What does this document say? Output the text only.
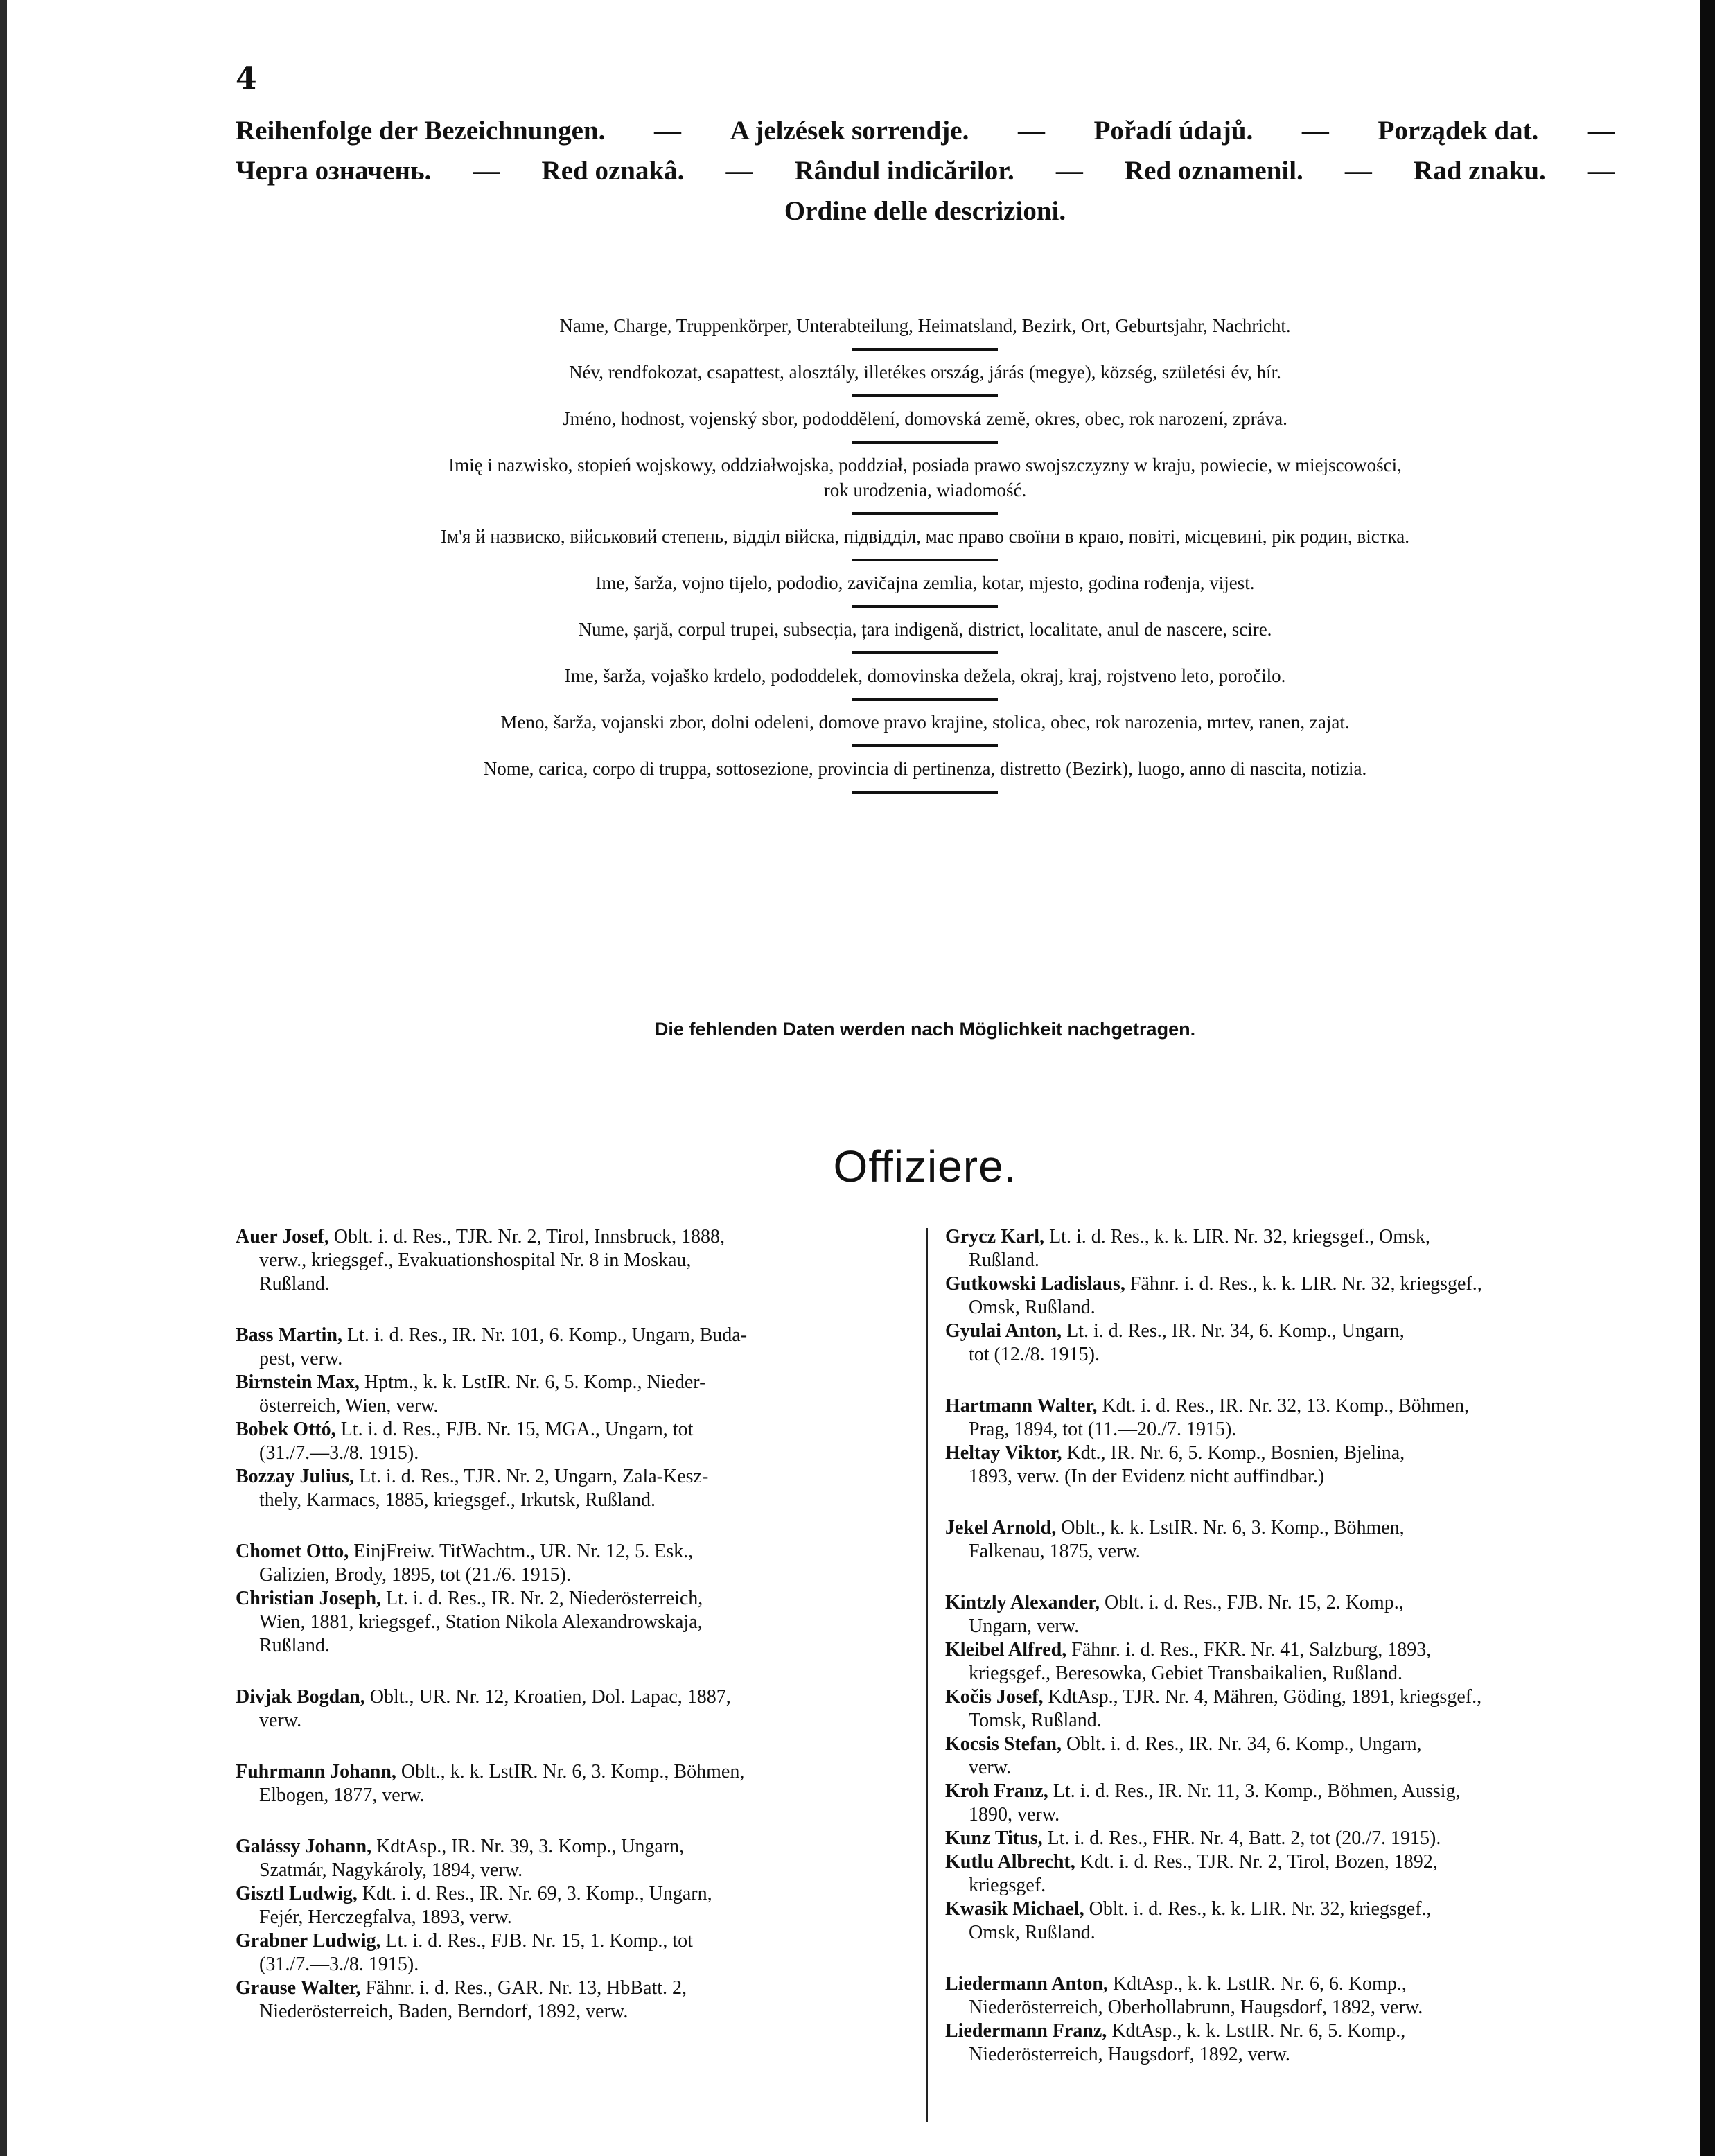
4
Reihenfolge der Bezeichnungen. — A jelzések sorrendje. — Pořadí údajů. — Porządek dat. —
Черга означень. — Red oznakâ. — Rândul indicărilor. — Red oznamenil. — Rad znaku. —
Ordine delle descrizioni.
Name, Charge, Truppenkörper, Unterabteilung, Heimatsland, Bezirk, Ort, Geburtsjahr, Nachricht.
Név, rendfokozat, csapattest, alosztály, illetékes ország, járás (megye), község, születési év, hír.
Jméno, hodnost, vojenský sbor, pododdělení, domovská země, okres, obec, rok narození, zpráva.
Imię i nazwisko, stopień wojskowy, oddziałwojska, poddział, posiada prawo swojszczyzny w kraju, powiecie, w miejscowości,
rok urodzenia, wiadomość.
Ім'я й назвиско, військовий степень, відділ війска, підвідділ, має право своїни в краю, повіті, місцевині, рік родин, вістка.
Ime, šarža, vojno tijelo, pododio, zavičajna zemlia, kotar, mjesto, godina rođenja, vijest.
Nume, șarjă, corpul trupei, subsecția, țara indigenă, district, localitate, anul de nascere, scire.
Ime, šarža, vojaško krdelo, pododdelek, domovinska dežela, okraj, kraj, rojstveno leto, poročilo.
Meno, šarža, vojanski zbor, dolni odeleni, domove pravo krajine, stolica, obec, rok narozenia, mrtev, ranen, zajat.
Nome, carica, corpo di truppa, sottosezione, provincia di pertinenza, distretto (Bezirk), luogo, anno di nascita, notizia.
Die fehlenden Daten werden nach Möglichkeit nachgetragen.
Offiziere.
Auer Josef, Oblt. i. d. Res., TJR. Nr. 2, Tirol, Innsbruck, 1888,
verw., kriegsgef., Evakuationshospital Nr. 8 in Moskau,
Rußland.
Bass Martin, Lt. i. d. Res., IR. Nr. 101, 6. Komp., Ungarn, Buda-
pest, verw.
Birnstein Max, Hptm., k. k. LstIR. Nr. 6, 5. Komp., Nieder-
österreich, Wien, verw.
Bobek Ottó, Lt. i. d. Res., FJB. Nr. 15, MGA., Ungarn, tot
(31./7.—3./8. 1915).
Bozzay Julius, Lt. i. d. Res., TJR. Nr. 2, Ungarn, Zala-Kesz-
thely, Karmacs, 1885, kriegsgef., Irkutsk, Rußland.
Chomet Otto, EinjFreiw. TitWachtm., UR. Nr. 12, 5. Esk.,
Galizien, Brody, 1895, tot (21./6. 1915).
Christian Joseph, Lt. i. d. Res., IR. Nr. 2, Niederösterreich,
Wien, 1881, kriegsgef., Station Nikola Alexandrowskaja,
Rußland.
Divjak Bogdan, Oblt., UR. Nr. 12, Kroatien, Dol. Lapac, 1887,
verw.
Fuhrmann Johann, Oblt., k. k. LstIR. Nr. 6, 3. Komp., Böhmen,
Elbogen, 1877, verw.
Galássy Johann, KdtAsp., IR. Nr. 39, 3. Komp., Ungarn,
Szatmár, Nagykároly, 1894, verw.
Gisztl Ludwig, Kdt. i. d. Res., IR. Nr. 69, 3. Komp., Ungarn,
Fejér, Herczegfalva, 1893, verw.
Grabner Ludwig, Lt. i. d. Res., FJB. Nr. 15, 1. Komp., tot
(31./7.—3./8. 1915).
Grause Walter, Fähnr. i. d. Res., GAR. Nr. 13, HbBatt. 2,
Niederösterreich, Baden, Berndorf, 1892, verw.
Grycz Karl, Lt. i. d. Res., k. k. LIR. Nr. 32, kriegsgef., Omsk,
Rußland.
Gutkowski Ladislaus, Fähnr. i. d. Res., k. k. LIR. Nr. 32, kriegsgef.,
Omsk, Rußland.
Gyulai Anton, Lt. i. d. Res., IR. Nr. 34, 6. Komp., Ungarn,
tot (12./8. 1915).
Hartmann Walter, Kdt. i. d. Res., IR. Nr. 32, 13. Komp., Böhmen,
Prag, 1894, tot (11.—20./7. 1915).
Heltay Viktor, Kdt., IR. Nr. 6, 5. Komp., Bosnien, Bjelina,
1893, verw. (In der Evidenz nicht auffindbar.)
Jekel Arnold, Oblt., k. k. LstIR. Nr. 6, 3. Komp., Böhmen,
Falkenau, 1875, verw.
Kintzly Alexander, Oblt. i. d. Res., FJB. Nr. 15, 2. Komp.,
Ungarn, verw.
Kleibel Alfred, Fähnr. i. d. Res., FKR. Nr. 41, Salzburg, 1893,
kriegsgef., Beresowka, Gebiet Transbaikalien, Rußland.
Kočis Josef, KdtAsp., TJR. Nr. 4, Mähren, Göding, 1891, kriegsgef.,
Tomsk, Rußland.
Kocsis Stefan, Oblt. i. d. Res., IR. Nr. 34, 6. Komp., Ungarn,
verw.
Kroh Franz, Lt. i. d. Res., IR. Nr. 11, 3. Komp., Böhmen, Aussig,
1890, verw.
Kunz Titus, Lt. i. d. Res., FHR. Nr. 4, Batt. 2, tot (20./7. 1915).
Kutlu Albrecht, Kdt. i. d. Res., TJR. Nr. 2, Tirol, Bozen, 1892,
kriegsgef.
Kwasik Michael, Oblt. i. d. Res., k. k. LIR. Nr. 32, kriegsgef.,
Omsk, Rußland.
Liedermann Anton, KdtAsp., k. k. LstIR. Nr. 6, 6. Komp.,
Niederösterreich, Oberhollabrunn, Haugsdorf, 1892, verw.
Liedermann Franz, KdtAsp., k. k. LstIR. Nr. 6, 5. Komp.,
Niederösterreich, Haugsdorf, 1892, verw.
